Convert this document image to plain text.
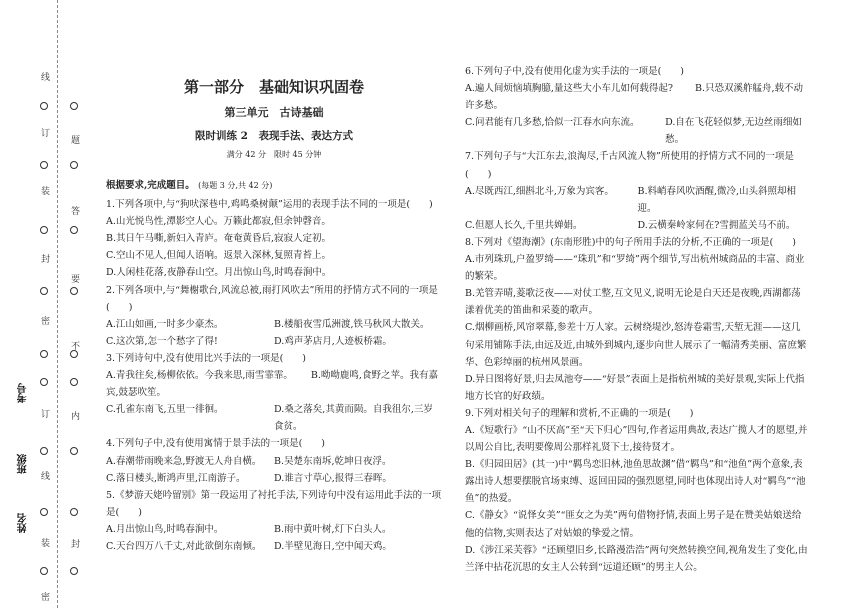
线
订
题
装
答
封
要
密
不
内
线
订
封
装
密
姓名
班级
考号
第一部分　基础知识巩固卷
第三单元　古诗基础
限时训练 2　表现手法、表达方式
满分 42 分　限时 45 分钟
根据要求,完成题目。 (每题 3 分,共 42 分)
1.下列各项中,与“狗吠深巷中,鸡鸣桑树颠”运用的表现手法不同的一项是(　　)
A.山光悦鸟性,潭影空人心。万籁此都寂,但余钟磬音。
B.其日午马嘶,新妇入青庐。奄奄黄昏后,寂寂人定初。
C.空山不见人,但闻人语响。返景入深林,复照青苔上。
D.人闲桂花落,夜静春山空。月出惊山鸟,时鸣春涧中。
2.下列各项中,与“舞榭歌台,风流总被,雨打风吹去”所用的抒情方式不同的一项是(　　)
A.江山如画,一时多少豪杰。	B.楼船夜雪瓜洲渡,铁马秋风大散关。
C.这次第,怎一个愁字了得!	D.鸡声茅店月,人迹板桥霜。
3.下列诗句中,没有使用比兴手法的一项是(　　)
A.青我往矣,杨柳依依。今我来思,雨雪霏霏。 B.呦呦鹿鸣,食野之苹。我有嘉宾,鼓瑟吹笙。
C.孔雀东南飞,五里一徘徊。	D.桑之落矣,其黄而陨。自我徂尔,三岁食贫。
4.下列句子中,没有使用寓情于景手法的一项是(　　)
A.春潮带雨晚来急,野渡无人舟自横。	B.吴楚东南坼,乾坤日夜浮。
C.落日楼头,断鸿声里,江南游子。	D.谁言寸草心,报得三春晖。
5.《梦游天姥吟留别》第一段运用了衬托手法,下列诗句中没有运用此手法的一项是(　　)
A.月出惊山鸟,时鸣春涧中。	B.雨中黄叶树,灯下白头人。
C.天台四万八千丈,对此欲倒东南倾。	D.半壁见海日,空中闻天鸡。
6.下列句子中,没有使用化虚为实手法的一项是(　　)
A.遍人间烦恼填胸臆,量这些大小车儿如何载得起? B.只恐双溪舴艋舟,载不动许多愁。
C.问君能有几多愁,恰似一江春水向东流。	D.自在飞花轻似梦,无边丝雨细如愁。
7.下列句子与“大江东去,浪淘尽,千古风流人物”所使用的抒情方式不同的一项是(　　)
A.尽既西江,细斟北斗,万象为宾客。	B.料峭春风吹酒醒,微冷,山头斜照却相迎。
C.但愿人长久,千里共婵娟。	D.云横秦岭家何在?雪拥蓝关马不前。
8.下列对《望海潮》(东南形胜)中的句子所用手法的分析,不正确的一项是(　　)
A.市列珠玑,户盈罗绮——“珠玑”和“罗绮”两个细节,写出杭州城商品的丰富、商业的繁荣。
B.羌管弄晴,菱歌泛夜——对仗工整,互文见义,说明无论是白天还是夜晚,西湖都荡漾着优美的笛曲和采菱的歌声。
C.烟柳画桥,风帘翠幕,参差十万人家。云树绕堤沙,怒涛卷霜雪,天堑无涯——这几句采用铺陈手法,由远及近,由城外到城内,逐步向世人展示了一幅清秀美丽、富庶繁华、色彩绰丽的杭州风景画。
D.异日图将好景,归去凤池夸——“好景”表面上是指杭州城的美好景观,实际上代指地方长官的好政绩。
9.下列对相关句子的理解和赏析,不正确的一项是(　　)
A.《短歌行》“山不厌高”至“天下归心”四句,作者运用典故,表达广揽人才的愿望,并以周公自比,表明要像周公那样礼贤下士,接待贤才。
B.《归园田居》(其一)中“羁鸟恋旧林,池鱼思故渊”借“羁鸟”和“池鱼”两个意象,表露出诗人想要摆脱官场束缚、返回田园的强烈愿望,同时也体现出诗人对“羁鸟”“池鱼”的热爱。
C.《静女》“说怿女美”“匪女之为美”两句借物抒情,表面上男子是在赞美姑娘送给他的信物,实则表达了对姑娘的挚爱之情。
D.《涉江采芙蓉》“还顾望旧乡,长路漫浩浩”两句突然转换空间,视角发生了变化,由兰泽中拈花沉思的女主人公转到“远道还顾”的男主人公。
